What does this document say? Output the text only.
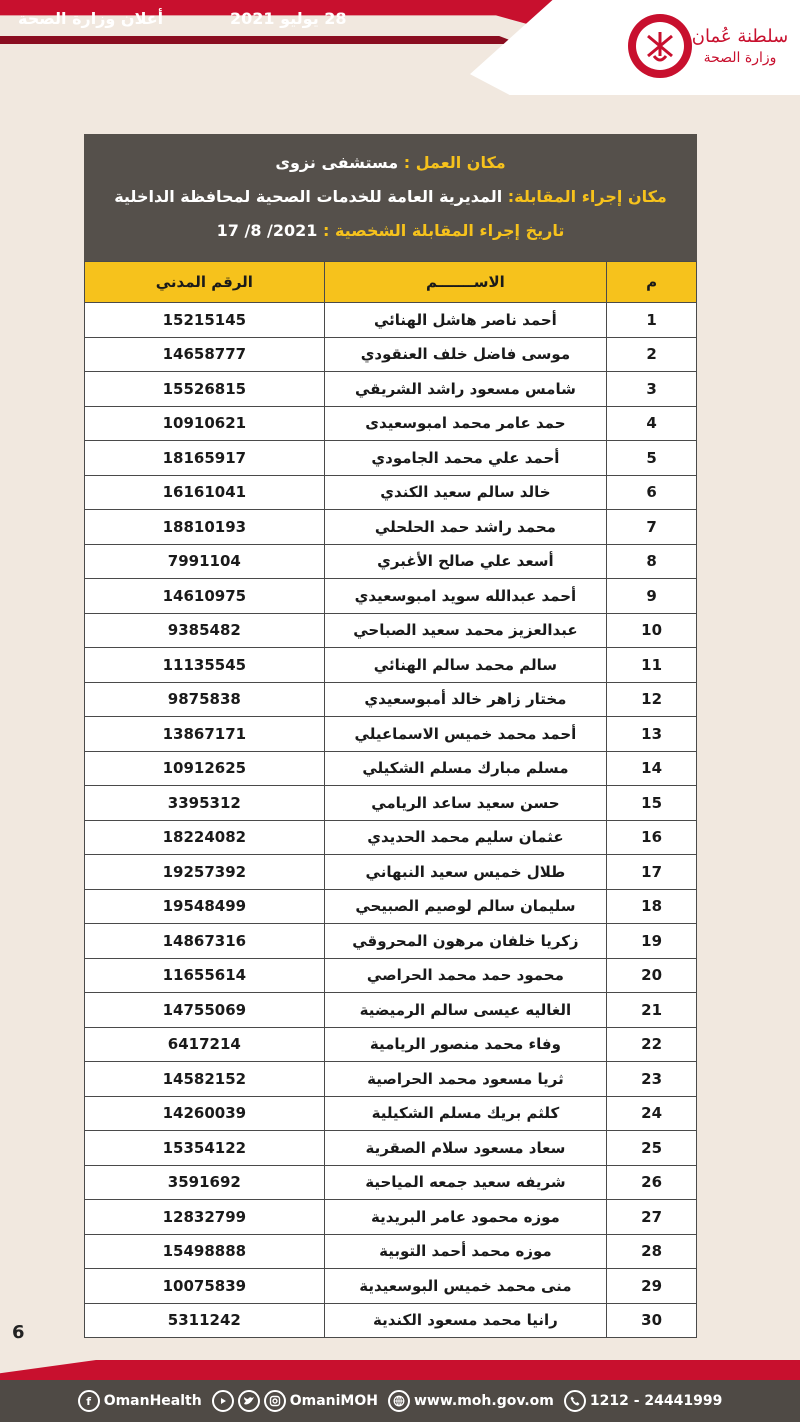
أعلان وزارة الصحة	28 يوليو 2021
سلطنة عُمان
وزارة الصحة
مكان العمل : مستشفى نزوى
مكان إجراء المقابلة: المديرية العامة للخدمات الصحية لمحافظة الداخلية
تاريخ إجراء المقابلة الشخصية : 17 /8 /2021
م	الاســـــــم	الرقم المدني
1	أحمد ناصر هاشل الهنائي	15215145
2	موسى فاضل خلف العنقودي	14658777
3	شامس مسعود راشد الشريقي	15526815
4	حمد عامر محمد امبوسعيدى	10910621
5	أحمد علي محمد الجامودي	18165917
6	خالد سالم سعيد الكندي	16161041
7	محمد راشد حمد الحلحلي	18810193
8	أسعد علي صالح الأغبري	7991104
9	أحمد عبدالله سويد امبوسعيدي	14610975
10	عبدالعزيز محمد سعيد الصباحي	9385482
11	سالم محمد سالم الهنائي	11135545
12	مختار زاهر خالد أمبوسعيدي	9875838
13	أحمد محمد خميس الاسماعيلي	13867171
14	مسلم مبارك مسلم الشكيلي	10912625
15	حسن سعيد ساعد الريامي	3395312
16	عثمان سليم محمد الحديدي	18224082
17	طلال خميس سعيد النبهاني	19257392
18	سليمان سالم لوصيم الصبيحي	19548499
19	زكريا خلفان مرهون المحروقي	14867316
20	محمود حمد محمد الحراصي	11655614
21	الغاليه عيسى سالم الرميضية	14755069
22	وفاء محمد منصور الريامية	6417214
23	ثريا مسعود محمد الحراصية	14582152
24	كلثم بريك مسلم الشكيلية	14260039
25	سعاد مسعود سلام الصقرية	15354122
26	شريفه سعيد جمعه المياحية	3591692
27	موزه محمود عامر البريدية	12832799
28	موزه محمد أحمد التوبية	15498888
29	منى محمد خميس البوسعيدية	10075839
30	رانيا محمد مسعود الكندية	5311242
6
f OmanHealth	OmaniMOH	www.moh.gov.om	1212 - 24441999
